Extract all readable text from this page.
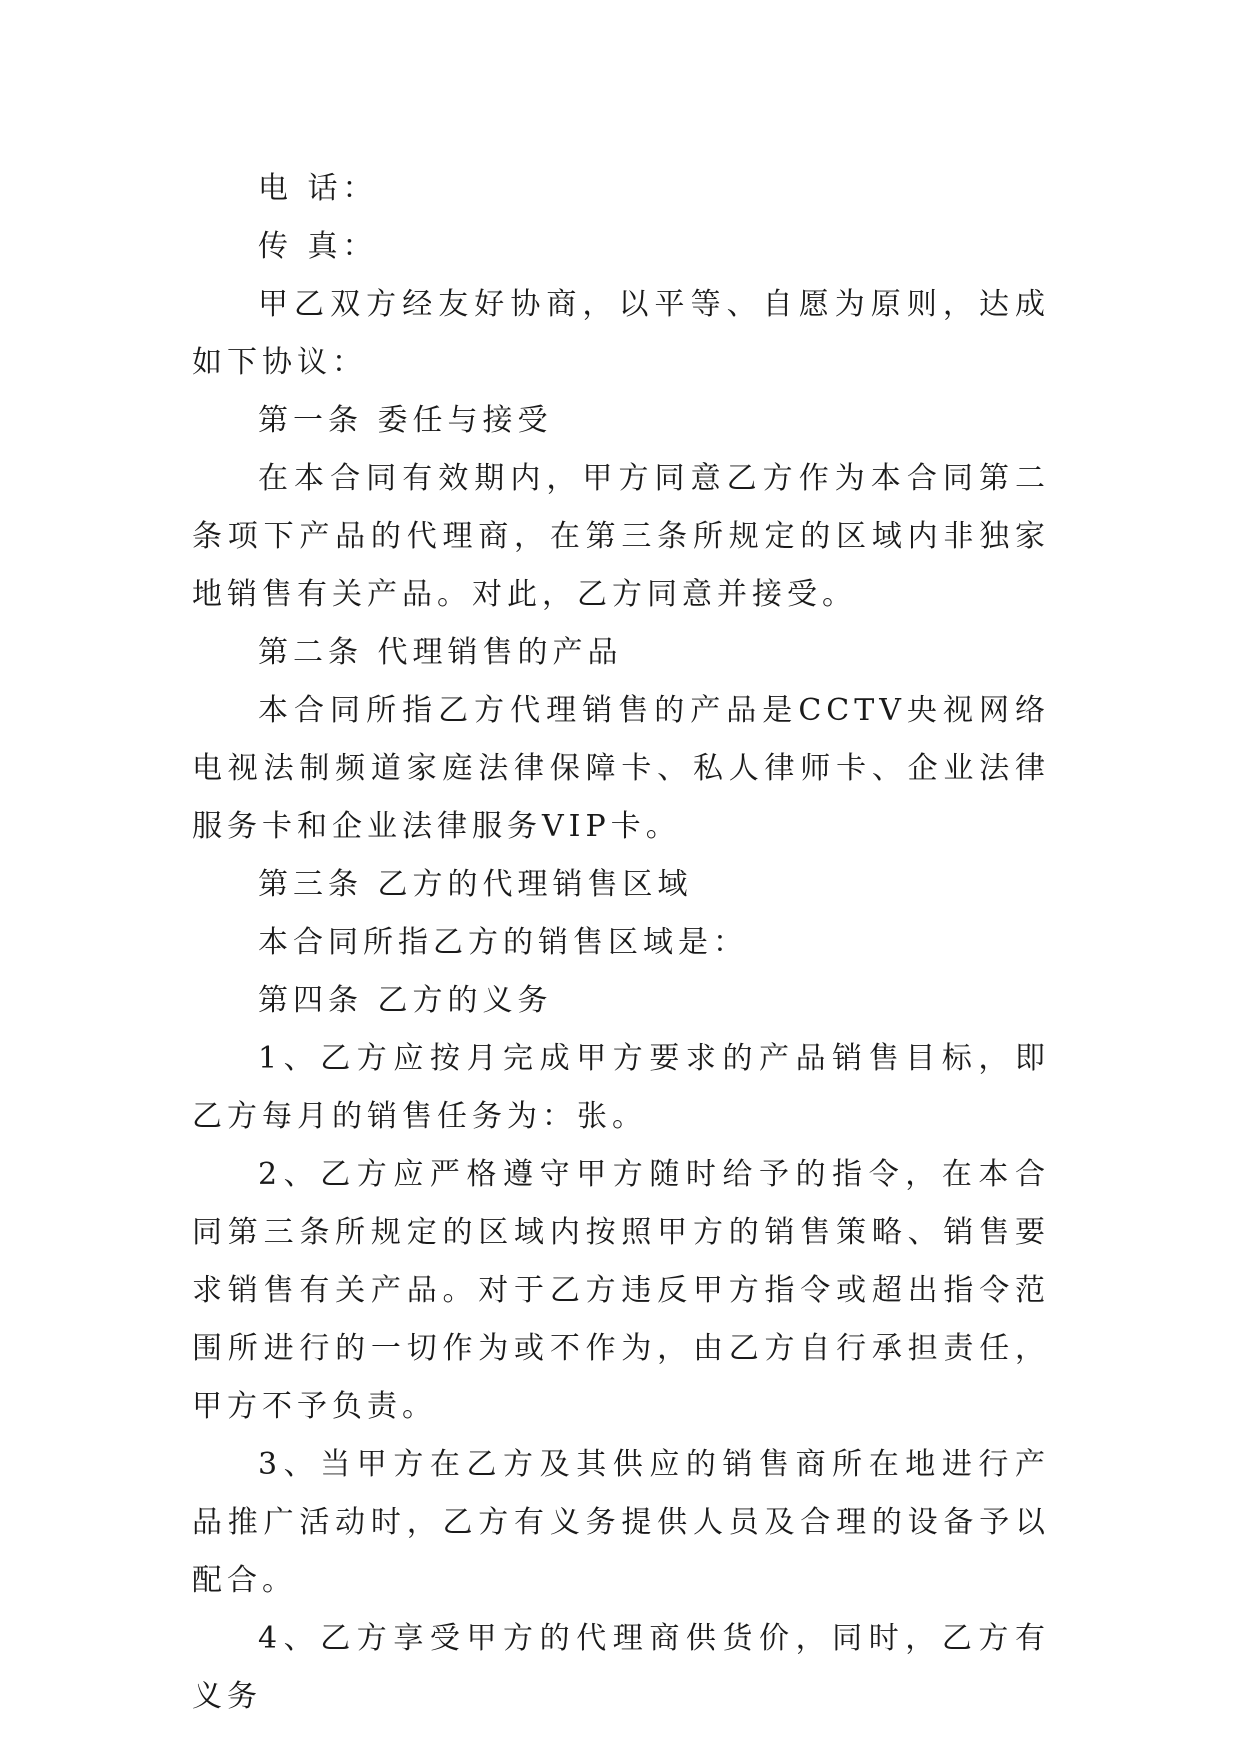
电 话：

传 真：

甲乙双方经友好协商，以平等、自愿为原则，达成如下协议：

第一条 委任与接受

在本合同有效期内，甲方同意乙方作为本合同第二条项下产品的代理商，在第三条所规定的区域内非独家地销售有关产品。对此，乙方同意并接受。

第二条 代理销售的产品

本合同所指乙方代理销售的产品是CCTV央视网络电视法制频道家庭法律保障卡、私人律师卡、企业法律服务卡和企业法律服务VIP卡。

第三条 乙方的代理销售区域

本合同所指乙方的销售区域是：

第四条 乙方的义务

1、乙方应按月完成甲方要求的产品销售目标，即乙方每月的销售任务为：张。

2、乙方应严格遵守甲方随时给予的指令，在本合同第三条所规定的区域内按照甲方的销售策略、销售要求销售有关产品。对于乙方违反甲方指令或超出指令范围所进行的一切作为或不作为，由乙方自行承担责任，甲方不予负责。

3、当甲方在乙方及其供应的销售商所在地进行产品推广活动时，乙方有义务提供人员及合理的设备予以配合。

4、乙方享受甲方的代理商供货价，同时，乙方有义务
